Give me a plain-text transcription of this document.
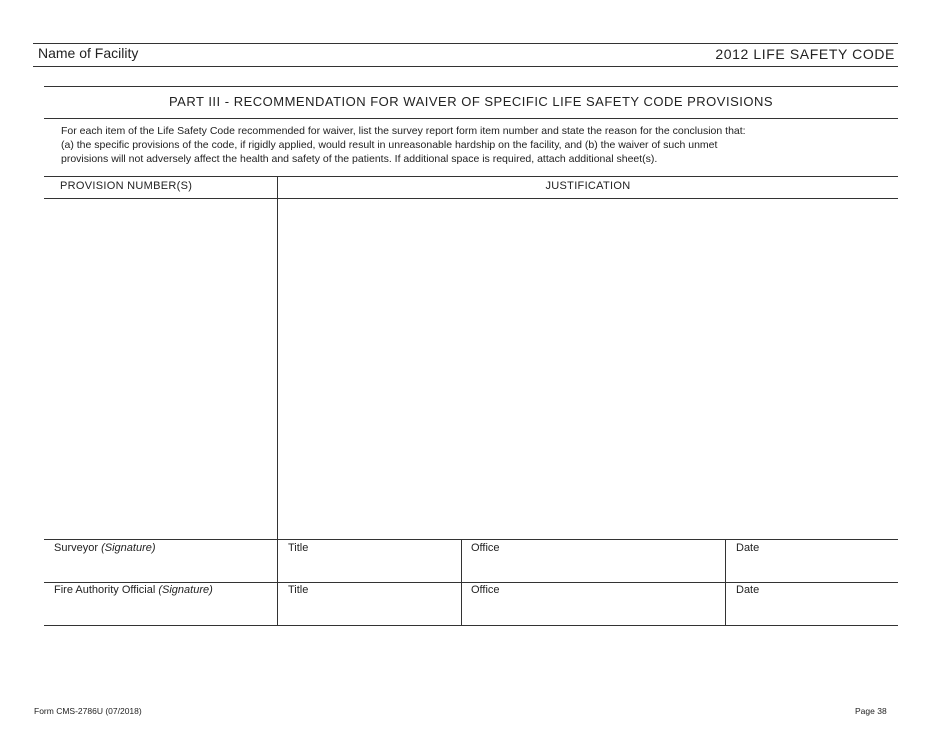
Name of Facility	2012 LIFE SAFETY CODE
PART III - RECOMMENDATION FOR WAIVER OF SPECIFIC LIFE SAFETY CODE PROVISIONS
For each item of the Life Safety Code recommended for waiver, list the survey report form item number and state the reason for the conclusion that:
(a) the specific provisions of the code, if rigidly applied, would result in unreasonable hardship on the facility, and (b) the waiver of such unmet
provisions will not adversely affect the health and safety of the patients. If additional space is required, attach additional sheet(s).
PROVISION NUMBER(S)	JUSTIFICATION
Surveyor (Signature)	Title	Office	Date
Fire Authority Official (Signature)	Title	Office	Date
Form CMS-2786U (07/2018)	Page 38
